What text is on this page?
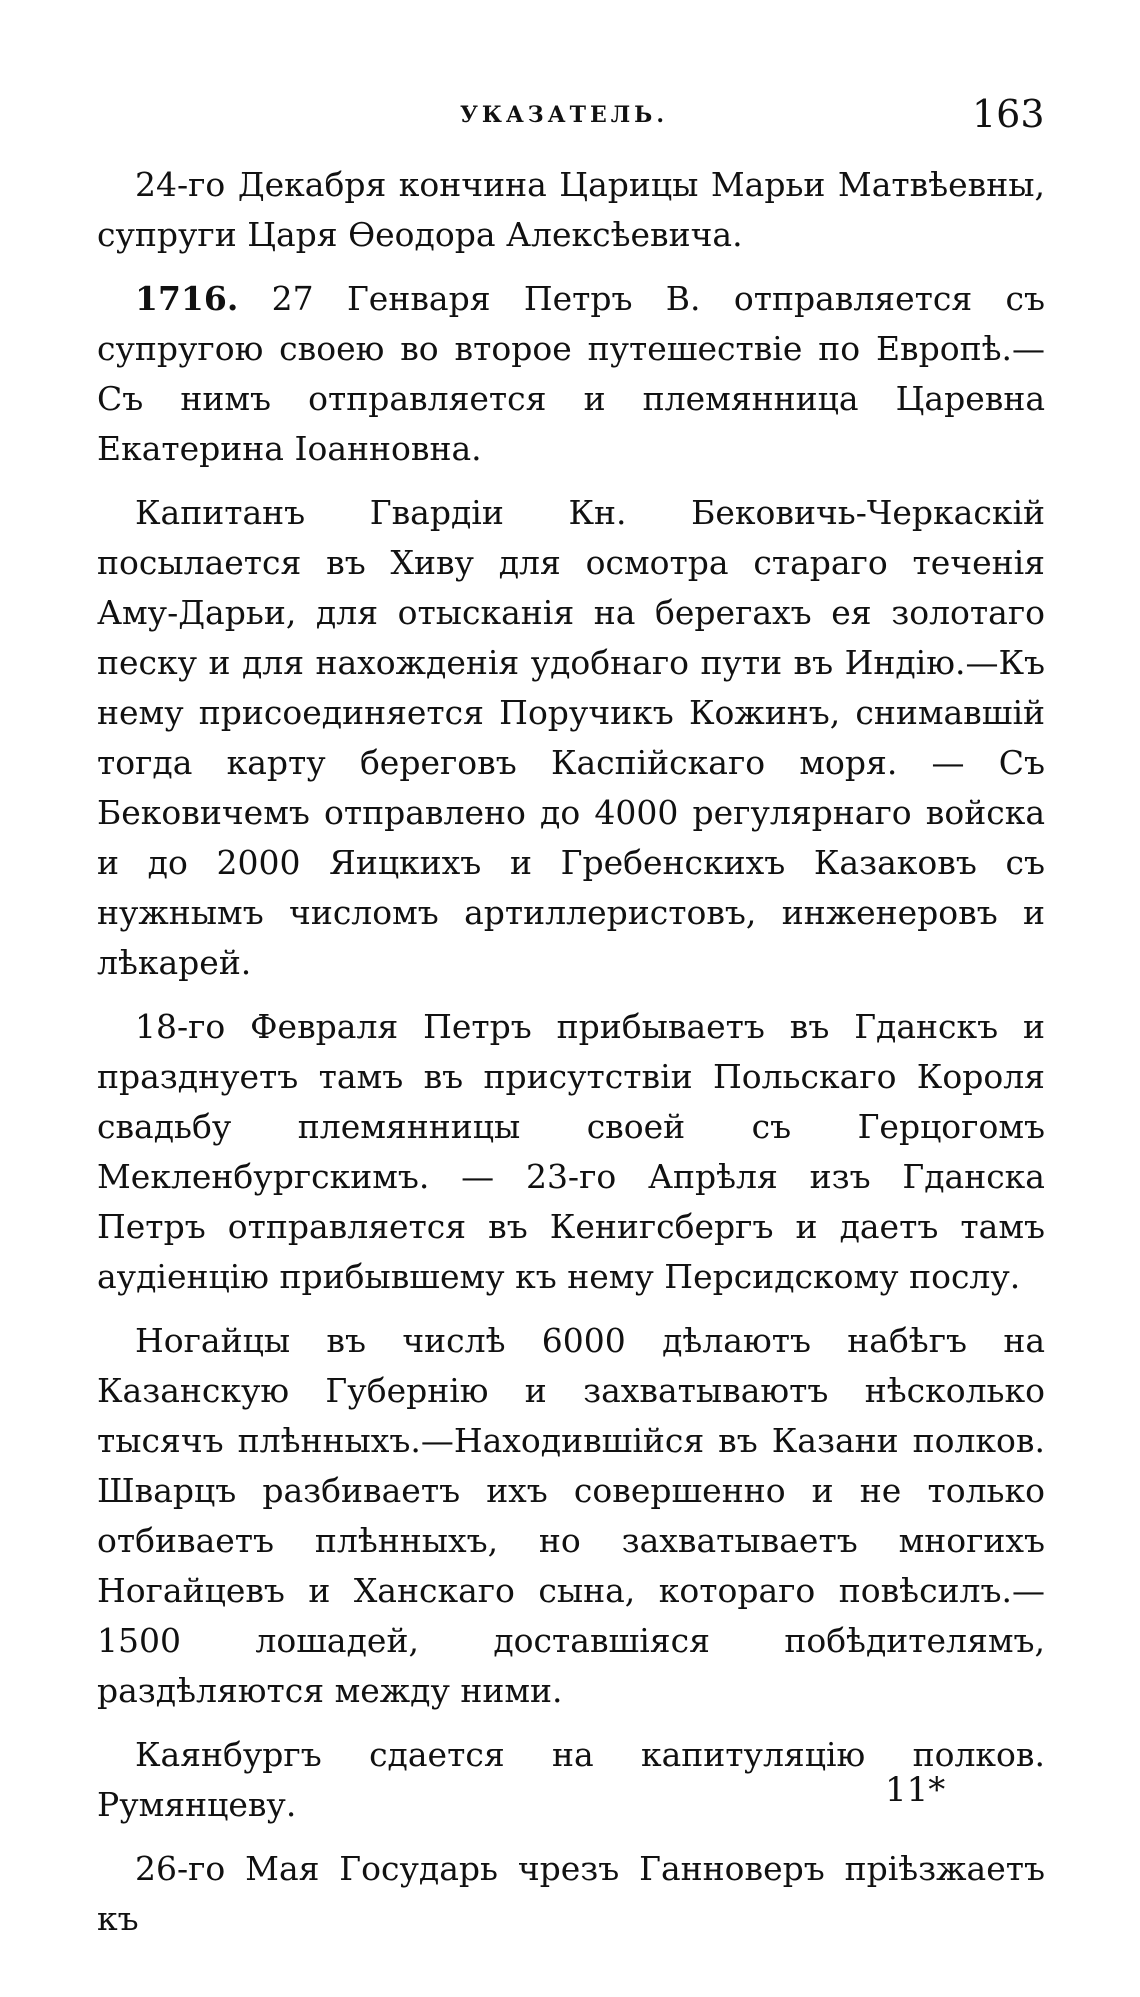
УКАЗАТЕЛЬ.	163

24-го Декабря кончина Царицы Марьи Матвѣевны, супруги Царя Ѳеодора Алексѣевича.

1716. 27 Генваря Петръ В. отправляется съ супругою своею во второе путешествіе по Европѣ.—Съ нимъ отправляется и племянница Царевна Екатерина Іоанновна.

Капитанъ Гвардіи Кн. Бековичь-Черкаскій посылается въ Хиву для осмотра стараго теченія Аму-Дарьи, для отысканія на берегахъ ея золотаго песку и для нахожденія удобнаго пути въ Индію.—Къ нему присоединяется Поручикъ Кожинъ, снимавшій тогда карту береговъ Каспійскаго моря. — Съ Бековичемъ отправлено до 4000 регулярнаго войска и до 2000 Яицкихъ и Гребенскихъ Казаковъ съ нужнымъ числомъ артиллеристовъ, инженеровъ и лѣкарей.

18-го Февраля Петръ прибываетъ въ Гданскъ и празднуетъ тамъ въ присутствіи Польскаго Короля свадьбу племянницы своей съ Герцогомъ Мекленбургскимъ. — 23-го Апрѣля изъ Гданска Петръ отправляется въ Кенигсбергъ и даетъ тамъ аудіенцію прибывшему къ нему Персидскому послу.

Ногайцы въ числѣ 6000 дѣлаютъ набѣгъ на Казанскую Губернію и захватываютъ нѣсколько тысячъ плѣнныхъ.—Находившійся въ Казани полков. Шварцъ разбиваетъ ихъ совершенно и не только отбиваетъ плѣнныхъ, но захватываетъ многихъ Ногайцевъ и Ханскаго сына, котораго повѣсилъ.—1500 лошадей, доставшіяся побѣдителямъ, раздѣляются между ними.

Каянбургъ сдается на капитуляцію полков. Румянцеву.

26-го Мая Государь чрезъ Ганноверъ пріѣзжаетъ къ

11*
